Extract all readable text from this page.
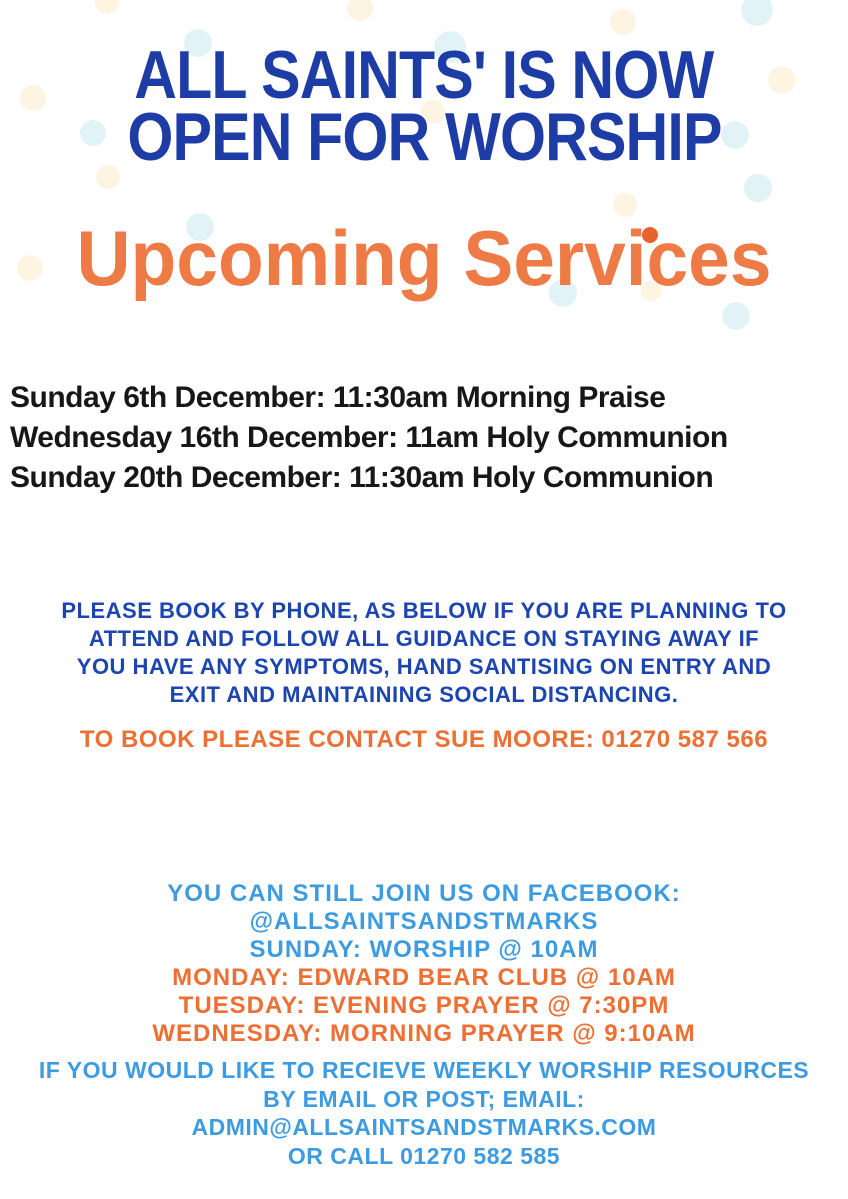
ALL SAINTS' IS NOW
OPEN FOR WORSHIP
Upcoming Services
Sunday 6th December: 11:30am Morning Praise
Wednesday 16th December: 11am Holy Communion
Sunday 20th December: 11:30am Holy Communion
PLEASE BOOK BY PHONE, AS BELOW IF YOU ARE PLANNING TO
ATTEND AND FOLLOW ALL GUIDANCE ON STAYING AWAY IF
YOU HAVE ANY SYMPTOMS, HAND SANTISING ON ENTRY AND
EXIT AND MAINTAINING SOCIAL DISTANCING.
TO BOOK PLEASE CONTACT SUE MOORE: 01270 587 566
YOU CAN STILL JOIN US ON FACEBOOK:
@ALLSAINTSANDSTMARKS
SUNDAY: WORSHIP @ 10AM
MONDAY: EDWARD BEAR CLUB @ 10AM
TUESDAY: EVENING PRAYER @ 7:30PM
WEDNESDAY: MORNING PRAYER @ 9:10AM
IF YOU WOULD LIKE TO RECIEVE WEEKLY WORSHIP RESOURCES
BY EMAIL OR POST; EMAIL:
ADMIN@ALLSAINTSANDSTMARKS.COM
OR CALL 01270 582 585
